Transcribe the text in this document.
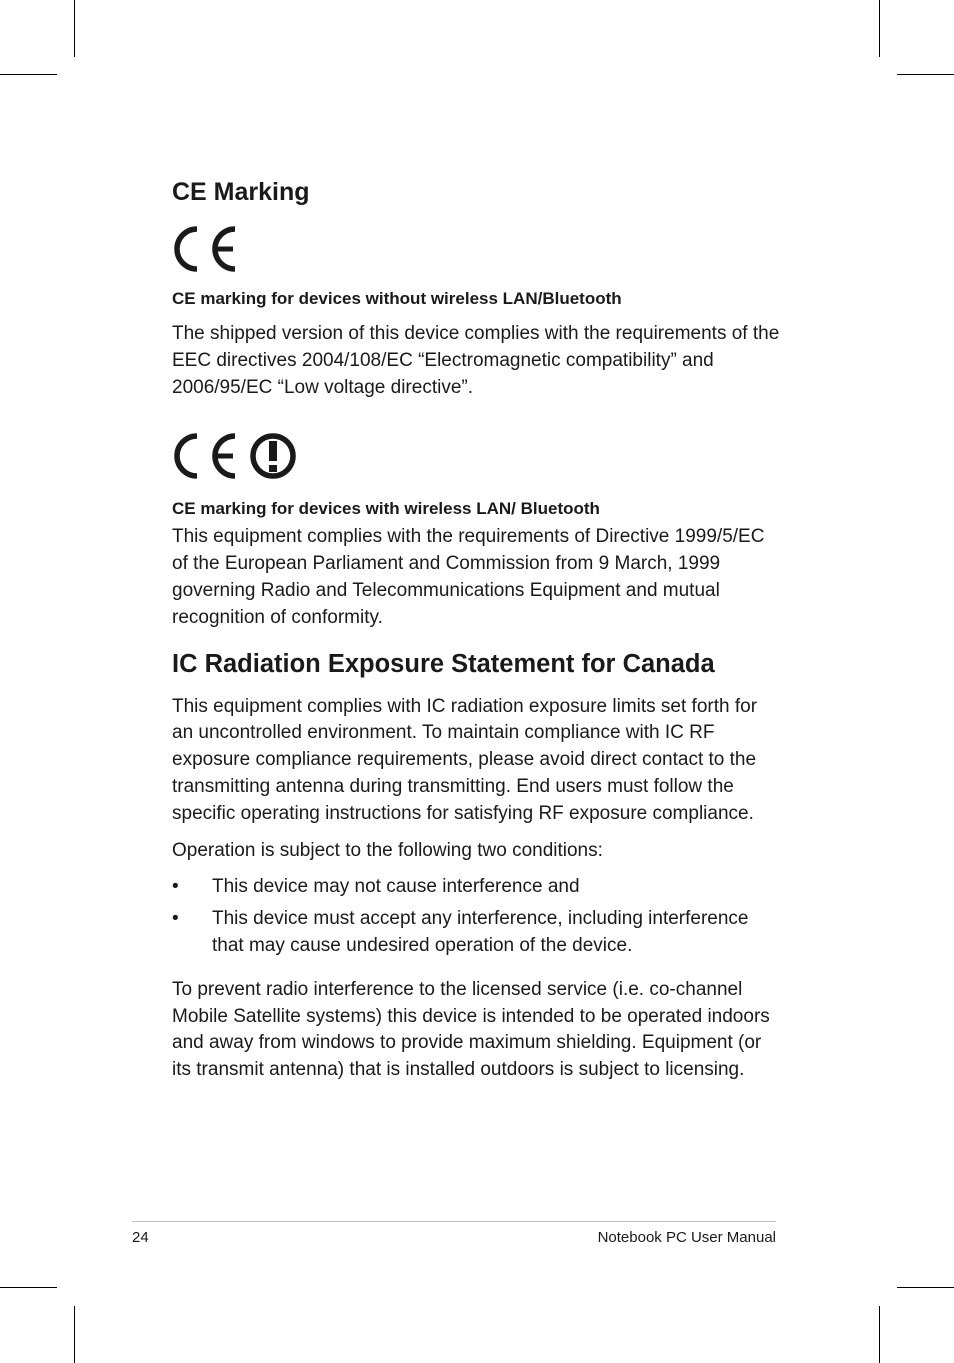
CE Marking

CE marking for devices without wireless LAN/Bluetooth

The shipped version of this device complies with the requirements of the EEC directives 2004/108/EC “Electromagnetic compatibility” and 2006/95/EC “Low voltage directive”.

CE marking for devices with wireless LAN/ Bluetooth

This equipment complies with the requirements of Directive 1999/5/EC of the European Parliament and Commission from 9 March, 1999 governing Radio and Telecommunications Equipment and mutual recognition of conformity.

IC Radiation Exposure Statement for Canada

This equipment complies with IC radiation exposure limits set forth for an uncontrolled environment. To maintain compliance with IC RF exposure compliance requirements, please avoid direct contact to the transmitting antenna during transmitting. End users must follow the specific operating instructions for satisfying RF exposure compliance.

Operation is subject to the following two conditions:

• This device may not cause interference and
• This device must accept any interference, including interference that may cause undesired operation of the device.

To prevent radio interference to the licensed service (i.e. co-channel Mobile Satellite systems) this device is intended to be operated indoors and away from windows to provide maximum shielding. Equipment (or its transmit antenna) that is installed outdoors is subject to licensing.

24	Notebook PC User Manual
